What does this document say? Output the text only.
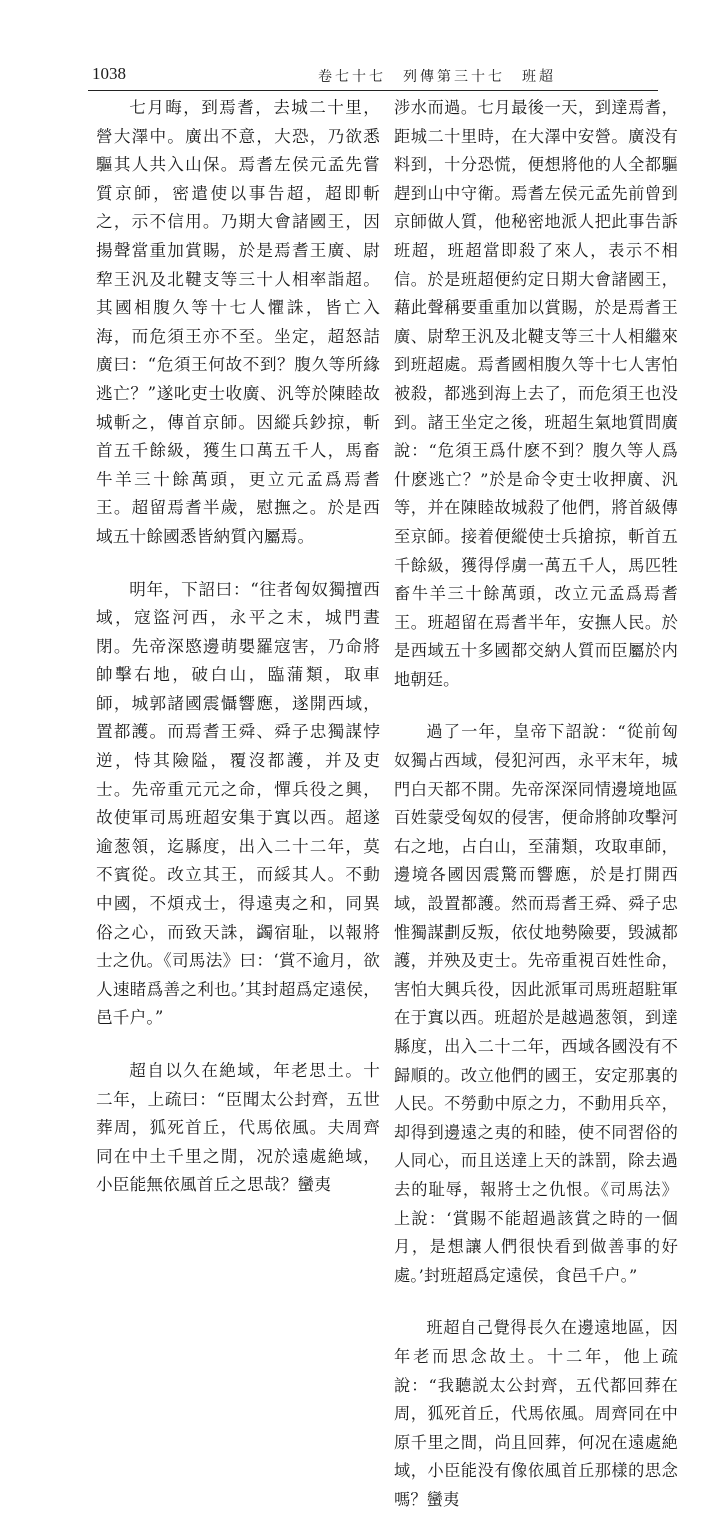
1038	卷七十七　列傳第三十七　班超

七月晦，到焉耆，去城二十里，營大澤中。廣出不意，大恐，乃欲悉驅其人共入山保。焉耆左侯元孟先嘗質京師，密遣使以事告超，超即斬之，示不信用。乃期大會諸國王，因揚聲當重加賞賜，於是焉耆王廣、尉犂王汎及北鞬支等三十人相率詣超。其國相腹久等十七人懼誅，皆亡入海，而危須王亦不至。坐定，超怒詰廣曰：“危須王何故不到？腹久等所緣逃亡？”遂叱吏士收廣、汎等於陳睦故城斬之，傳首京師。因縱兵鈔掠，斬首五千餘級，獲生口萬五千人，馬畜牛羊三十餘萬頭，更立元孟爲焉耆王。超留焉耆半歲，慰撫之。於是西域五十餘國悉皆納質內屬焉。

明年，下詔曰：“往者匈奴獨擅西域，寇盜河西，永平之末，城門晝閉。先帝深愍邊萌嬰羅寇害，乃命將帥擊右地，破白山，臨蒲類，取車師，城郭諸國震懾響應，遂開西域，置都護。而焉耆王舜、舜子忠獨謀悖逆，恃其險隘，覆沒都護，并及吏士。先帝重元元之命，憚兵役之興，故使軍司馬班超安集于窴以西。超遂逾葱領，迄縣度，出入二十二年，莫不賓從。改立其王，而綏其人。不動中國，不煩戎士，得遠夷之和，同異俗之心，而致天誅，蠲宿耻，以報將士之仇。《司馬法》曰：‘賞不逾月，欲人速睹爲善之利也。’其封超爲定遠侯，邑千户。”

超自以久在絶域，年老思土。十二年，上疏曰：“臣聞太公封齊，五世葬周，狐死首丘，代馬依風。夫周齊同在中土千里之閒，况於遠處絶域，小臣能無依風首丘之思哉？蠻夷

涉水而過。七月最後一天，到達焉耆，距城二十里時，在大澤中安營。廣没有料到，十分恐慌，便想將他的人全都驅趕到山中守衛。焉耆左侯元孟先前曾到京師做人質，他秘密地派人把此事告訴班超，班超當即殺了來人，表示不相信。於是班超便約定日期大會諸國王，藉此聲稱要重重加以賞賜，於是焉耆王廣、尉犂王汎及北鞬支等三十人相繼來到班超處。焉耆國相腹久等十七人害怕被殺，都逃到海上去了，而危須王也没到。諸王坐定之後，班超生氣地質問廣說：“危須王爲什麽不到？腹久等人爲什麽逃亡？”於是命令吏士收押廣、汎等，并在陳睦故城殺了他們，將首級傳至京師。接着便縱使士兵搶掠，斬首五千餘級，獲得俘虜一萬五千人，馬匹牲畜牛羊三十餘萬頭，改立元孟爲焉耆王。班超留在焉耆半年，安撫人民。於是西域五十多國都交納人質而臣屬於内地朝廷。

過了一年，皇帝下詔說：“從前匈奴獨占西域，侵犯河西，永平末年，城門白天都不開。先帝深深同情邊境地區百姓蒙受匈奴的侵害，便命將帥攻擊河右之地，占白山，至蒲類，攻取車師，邊境各國因震驚而響應，於是打開西域，設置都護。然而焉耆王舜、舜子忠惟獨謀劃反叛，依仗地勢險要，毁滅都護，并殃及吏士。先帝重視百姓性命，害怕大興兵役，因此派軍司馬班超駐軍在于窴以西。班超於是越過葱領，到達縣度，出入二十二年，西域各國没有不歸順的。改立他們的國王，安定那裏的人民。不勞動中原之力，不動用兵卒，却得到邊遠之夷的和睦，使不同習俗的人同心，而且送達上天的誅罰，除去過去的耻辱，報將士之仇恨。《司馬法》上說：‘賞賜不能超過該賞之時的一個月，是想讓人們很快看到做善事的好處。’封班超爲定遠侯，食邑千户。”

班超自己覺得長久在邊遠地區，因年老而思念故土。十二年，他上疏說：“我聽説太公封齊，五代都回葬在周，狐死首丘，代馬依風。周齊同在中原千里之間，尚且回葬，何况在遠處絶域，小臣能没有像依風首丘那樣的思念嗎？蠻夷
